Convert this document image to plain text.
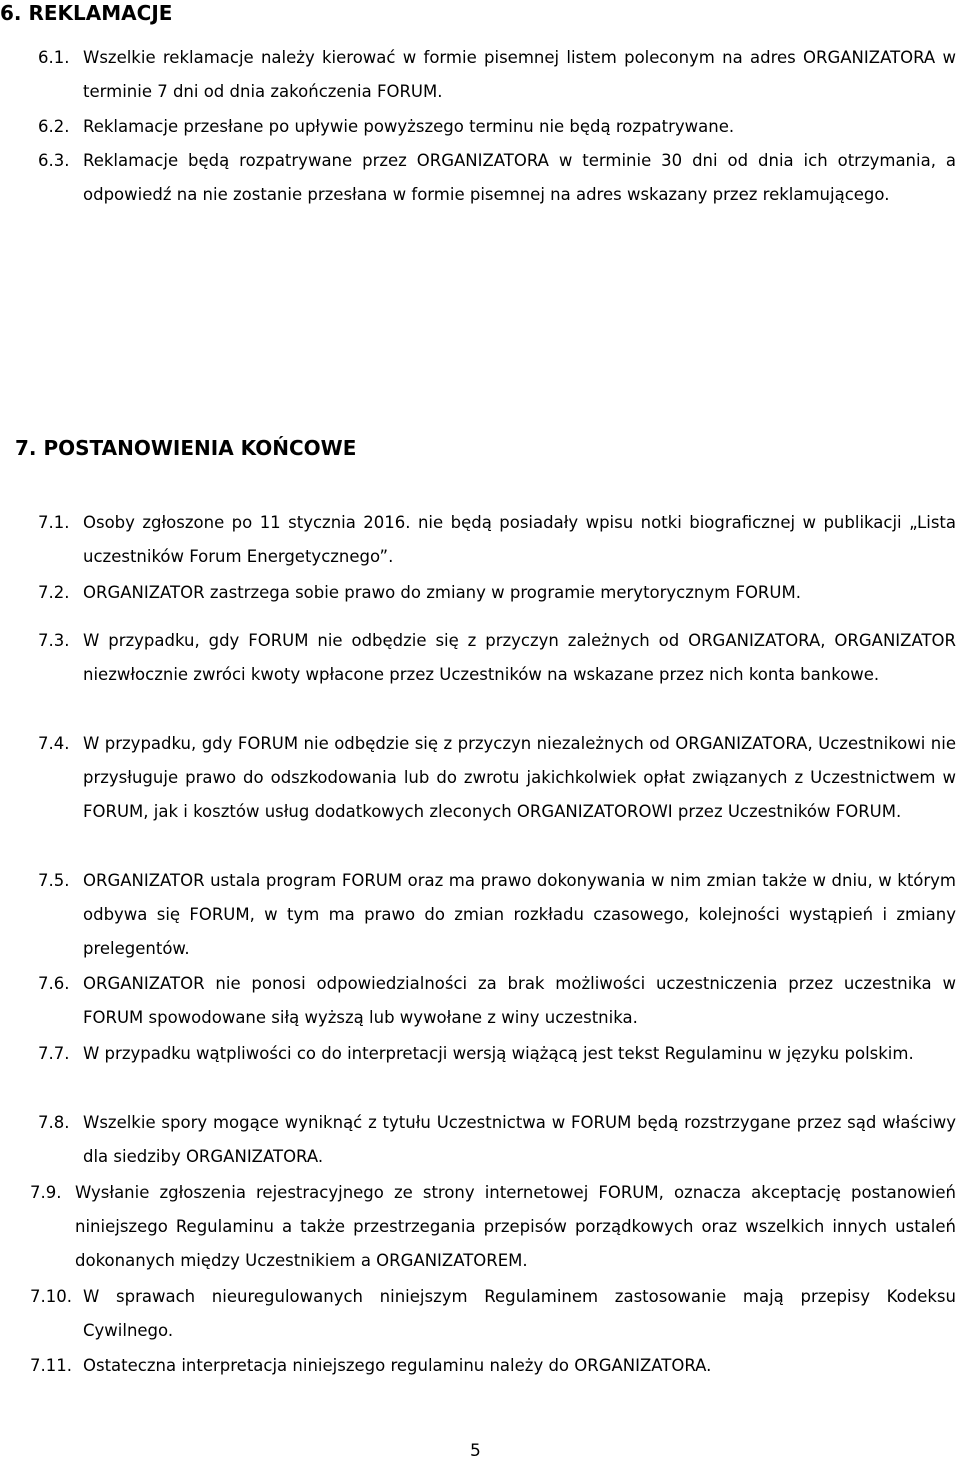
6. REKLAMACJE
6.1. Wszelkie reklamacje należy kierować w formie pisemnej listem poleconym na adres ORGANIZATORA w terminie 7 dni od dnia zakończenia FORUM.
6.2. Reklamacje przesłane po upływie powyższego terminu nie będą rozpatrywane.
6.3. Reklamacje będą rozpatrywane przez ORGANIZATORA w terminie 30 dni od dnia ich otrzymania, a odpowiedź na nie zostanie przesłana w formie pisemnej na adres wskazany przez reklamującego.
7. POSTANOWIENIA KOŃCOWE
7.1. Osoby zgłoszone po 11 stycznia 2016. nie będą posiadały wpisu notki biograficznej w publikacji „Lista uczestników Forum Energetycznego”.
7.2. ORGANIZATOR zastrzega sobie prawo do zmiany w programie merytorycznym FORUM.
7.3. W przypadku, gdy FORUM nie odbędzie się z przyczyn zależnych od ORGANIZATORA, ORGANIZATOR niezwłocznie zwróci kwoty wpłacone przez Uczestników na wskazane przez nich konta bankowe.
7.4. W przypadku, gdy FORUM nie odbędzie się z przyczyn niezależnych od ORGANIZATORA, Uczestnikowi nie przysługuje prawo do odszkodowania lub do zwrotu jakichkolwiek opłat związanych z Uczestnictwem w FORUM, jak i kosztów usług dodatkowych zleconych ORGANIZATOROWI przez Uczestników FORUM.
7.5. ORGANIZATOR ustala program FORUM oraz ma prawo dokonywania w nim zmian także w dniu, w którym odbywa się FORUM, w tym ma prawo do zmian rozkładu czasowego, kolejności wystąpień i zmiany prelegentów.
7.6. ORGANIZATOR nie ponosi odpowiedzialności za brak możliwości uczestniczenia przez uczestnika w FORUM spowodowane siłą wyższą lub wywołane z winy uczestnika.
7.7. W przypadku wątpliwości co do interpretacji wersją wiążącą jest tekst Regulaminu w języku polskim.
7.8. Wszelkie spory mogące wyniknąć z tytułu Uczestnictwa w FORUM będą rozstrzygane przez sąd właściwy dla siedziby ORGANIZATORA.
7.9. Wysłanie zgłoszenia rejestracyjnego ze strony internetowej FORUM, oznacza akceptację postanowień niniejszego Regulaminu a także przestrzegania przepisów porządkowych oraz wszelkich innych ustaleń dokonanych między Uczestnikiem a ORGANIZATOREM.
7.10. W sprawach nieuregulowanych niniejszym Regulaminem zastosowanie mają przepisy Kodeksu Cywilnego.
7.11. Ostateczna interpretacja niniejszego regulaminu należy do ORGANIZATORA.
5
